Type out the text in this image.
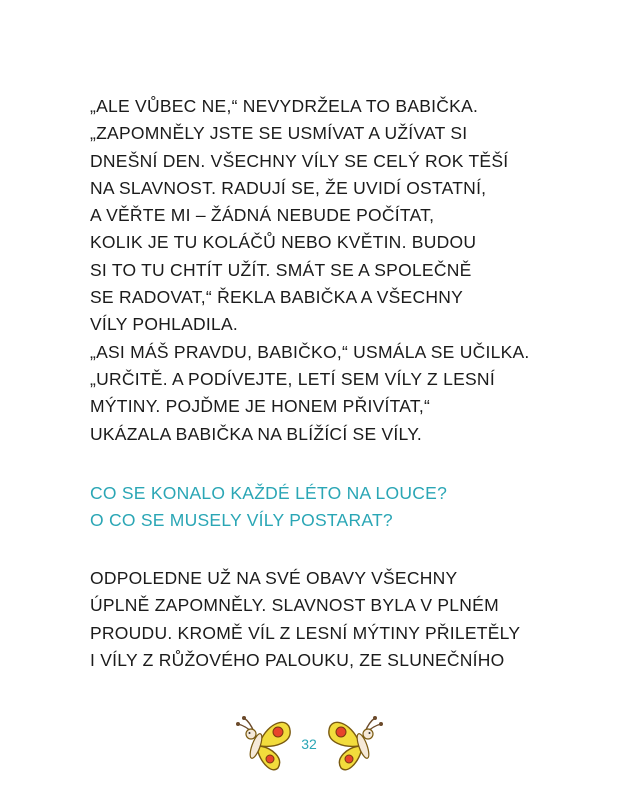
„ALE VŮBEC NE,“ NEVYDRŽELA TO BABIČKA.
„ZAPOMNĚLY JSTE SE USMÍVAT A UŽÍVAT SI
DNEŠNÍ DEN. VŠECHNY VÍLY SE CELÝ ROK TĚŠÍ
NA SLAVNOST. RADUJÍ SE, ŽE UVIDÍ OSTATNÍ,
A VĚŘTE MI – ŽÁDNÁ NEBUDE POČÍTAT,
KOLIK JE TU KOLÁČŮ NEBO KVĚTIN. BUDOU
SI TO TU CHTÍT UŽÍT. SMÁT SE A SPOLEČNĚ
SE RADOVAT,“ ŘEKLA BABIČKA A VŠECHNY
VÍLY POHLADILA.
„ASI MÁŠ PRAVDU, BABIČKO,“ USMÁLA SE UČILKA.
„URČITĚ. A PODÍVEJTE, LETÍ SEM VÍLY Z LESNÍ
MÝTINY. POJĎME JE HONEM PŘIVÍTAT,“
UKÁZALA BABIČKA NA BLÍŽÍCÍ SE VÍLY.
CO SE KONALO KAŽDÉ LÉTO NA LOUCE?
O CO SE MUSELY VÍLY POSTARAT?
ODPOLEDNE UŽ NA SVÉ OBAVY VŠECHNY
ÚPLNĚ ZAPOMNĚLY. SLAVNOST BYLA V PLNÉM
PROUDU. KROMĚ VÍL Z LESNÍ MÝTINY PŘILETĚLY
I VÍLY Z RŮŽOVÉHO PALOUKU, ZE SLUNEČNÍHO
32
